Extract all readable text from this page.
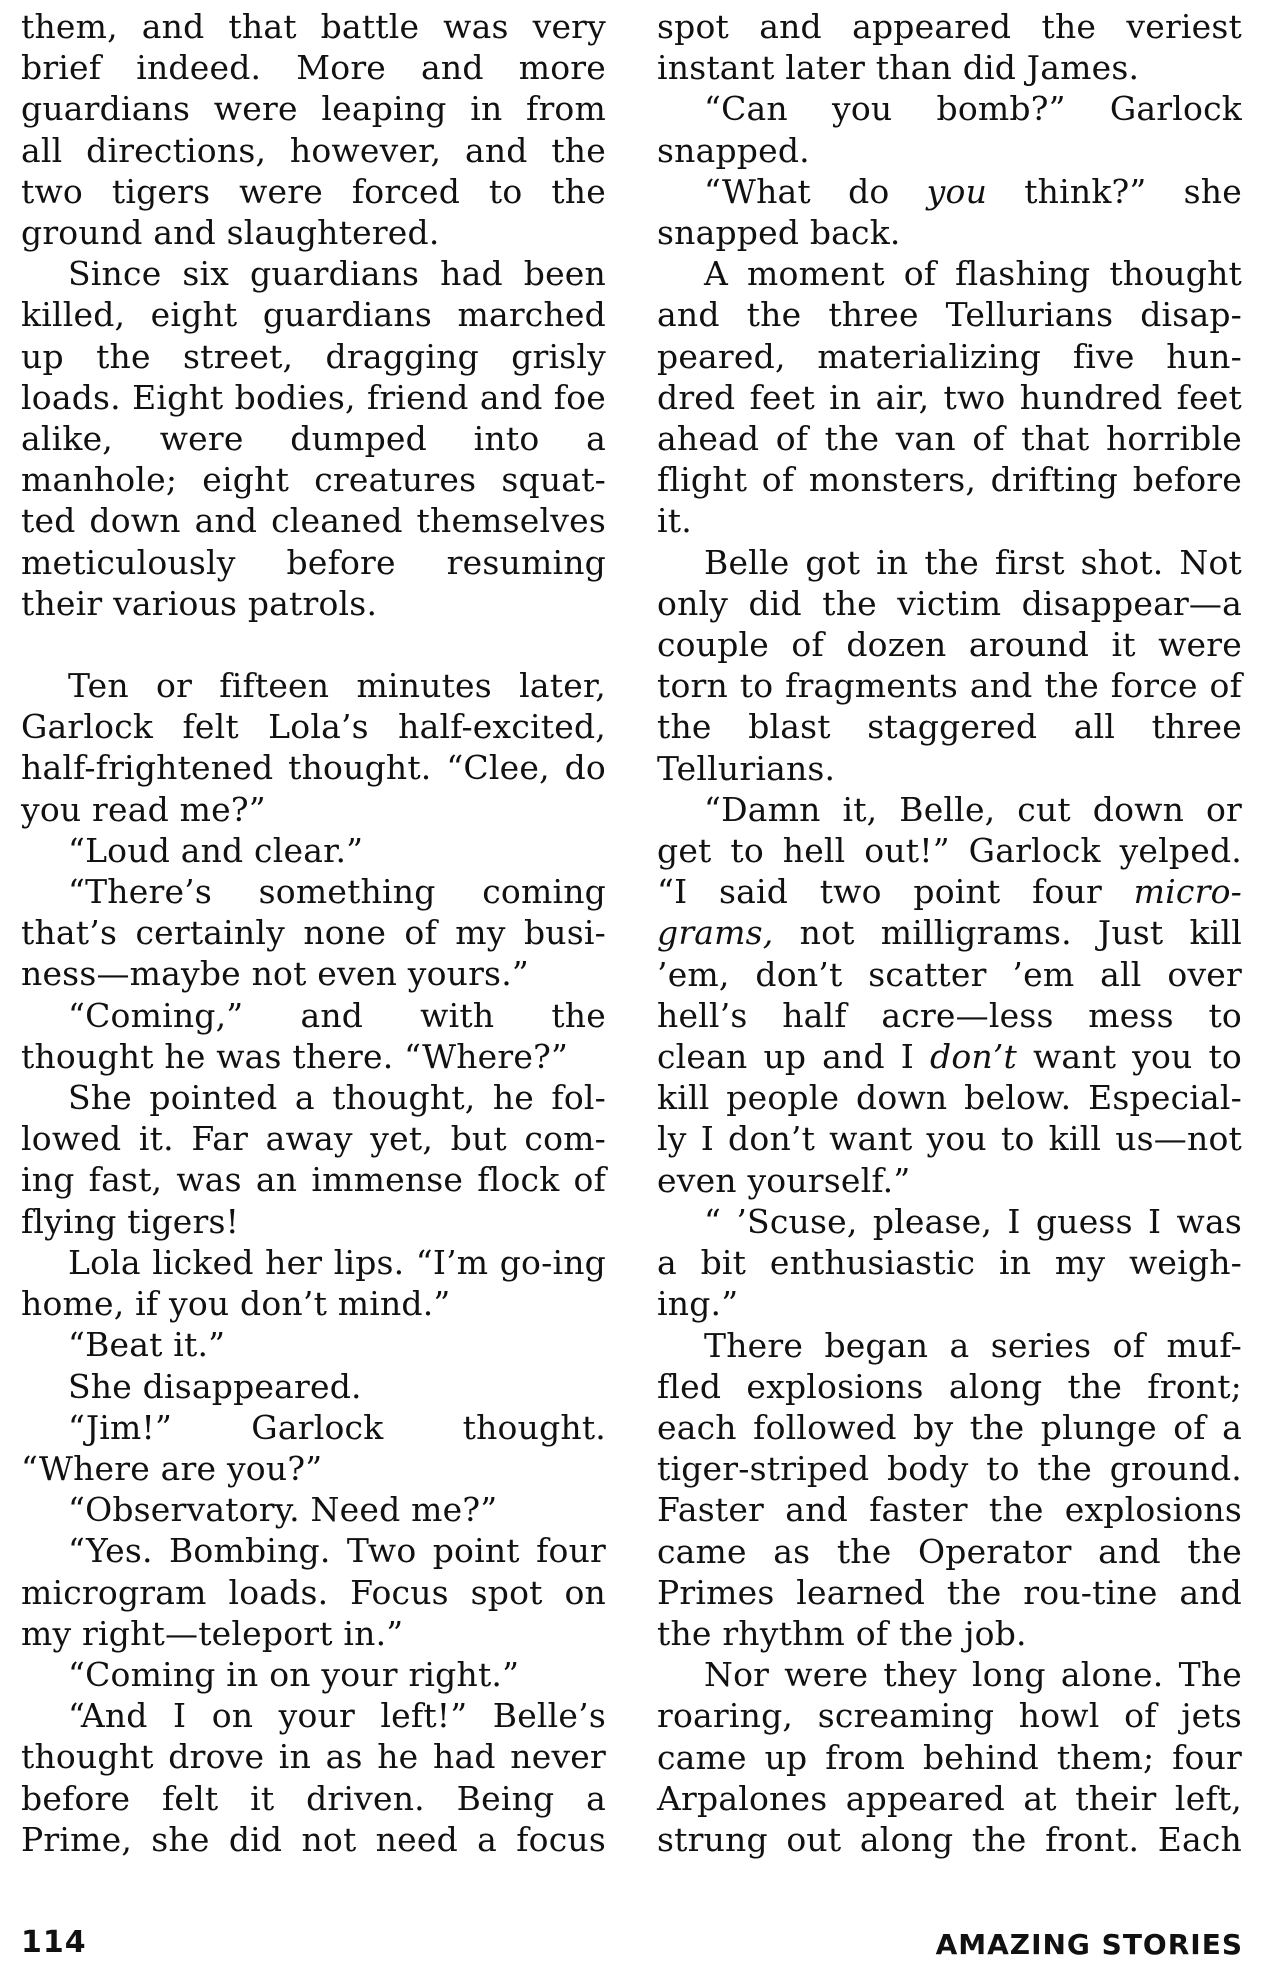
them, and that battle was very brief indeed. More and more guardians were leaping in from all directions, however, and the two tigers were forced to the ground and slaughtered.

Since six guardians had been killed, eight guardians marched up the street, dragging grisly loads. Eight bodies, friend and foe alike, were dumped into a manhole; eight creatures squat-ted down and cleaned themselves meticulously before resuming their various patrols.

Ten or fifteen minutes later, Garlock felt Lola’s half-excited, half-frightened thought. “Clee, do you read me?”

“Loud and clear.”

“There’s something coming that’s certainly none of my busi-ness—maybe not even yours.”

“Coming,” and with the thought he was there. “Where?”

She pointed a thought, he fol-lowed it. Far away yet, but com-ing fast, was an immense flock of flying tigers!

Lola licked her lips. “I’m go-ing home, if you don’t mind.”

“Beat it.”

She disappeared.

“Jim!” Garlock thought. “Where are you?”

“Observatory. Need me?”

“Yes. Bombing. Two point four microgram loads. Focus spot on my right—teleport in.”

“Coming in on your right.”

“And I on your left!” Belle’s thought drove in as he had never before felt it driven. Being a Prime, she did not need a focus

spot and appeared the veriest instant later than did James.

“Can you bomb?” Garlock snapped.

“What do you think?” she snapped back.

A moment of flashing thought and the three Tellurians disap-peared, materializing five hun-dred feet in air, two hundred feet ahead of the van of that horrible flight of monsters, drifting before it.

Belle got in the first shot. Not only did the victim disappear—a couple of dozen around it were torn to fragments and the force of the blast staggered all three Tellurians.

“Damn it, Belle, cut down or get to hell out!” Garlock yelped. “I said two point four micro-grams, not milligrams. Just kill ’em, don’t scatter ’em all over hell’s half acre—less mess to clean up and I don’t want you to kill people down below. Especial-ly I don’t want you to kill us—not even yourself.”

“ ’Scuse, please, I guess I was a bit enthusiastic in my weigh-ing.”

There began a series of muf-fled explosions along the front; each followed by the plunge of a tiger-striped body to the ground. Faster and faster the explosions came as the Operator and the Primes learned the rou-tine and the rhythm of the job.

Nor were they long alone. The roaring, screaming howl of jets came up from behind them; four Arpalones appeared at their left, strung out along the front. Each

114	AMAZING STORIES
